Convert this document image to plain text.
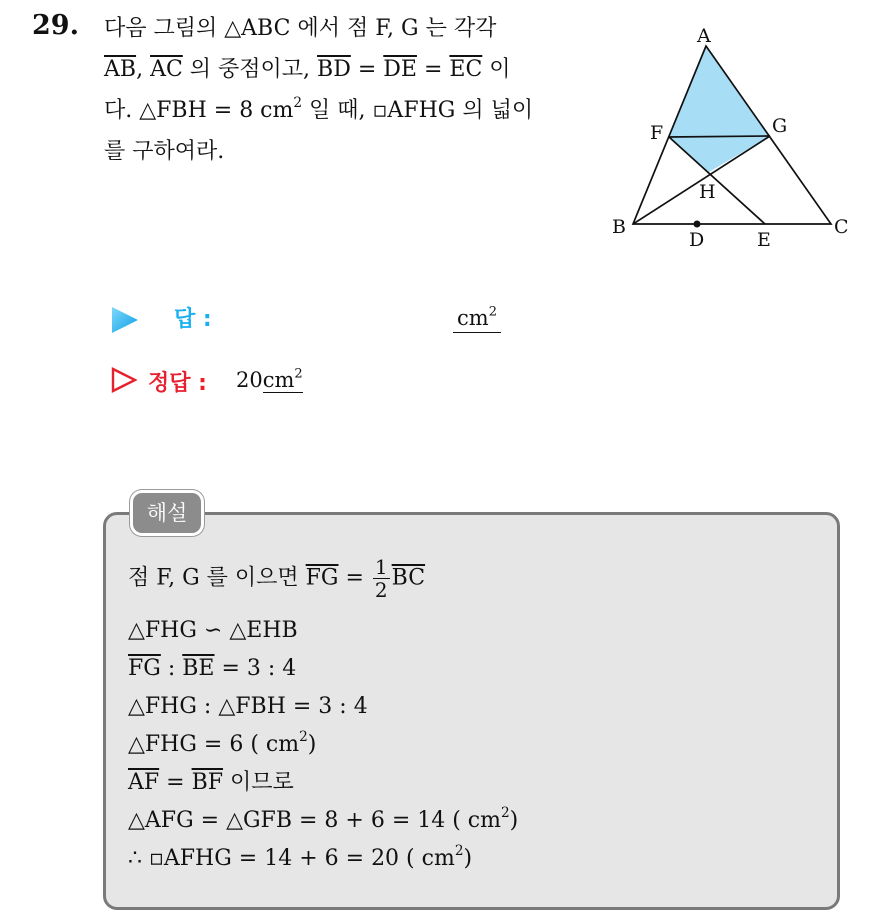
29. 다음 그림의 △ABC 에서 점 F, G 는 각각
$\overline{AB}$, $\overline{AC}$ 의 중점이고, $\overline{BD} = \overline{DE} = \overline{EC}$ 이
다. △FBH = 8 $cm^2$ 일 때, ▫AFHG 의 넓이
를 구하여라.
A
F	G
H
B
D	E
C
답 :	$cm^2$
정답 : $20cm^2$
해설
점 F, G 를 이으면 $\overline{FG} = \frac{1}{2} \overline{BC}$
△FHG ∽ △EHB
$\overline{FG}$ : $\overline{BE} = 3$ : 4
△FHG : △FBH = 3 : 4
△FHG = 6 ( $cm^2$)
$\overline{AF} = \overline{BF}$ 이므로
△AFG = △GFB = 8 + 6 = 14 ( $cm^2$)
∴ ▫AFHG = 14 + 6 = 20 ( $cm^2$)
